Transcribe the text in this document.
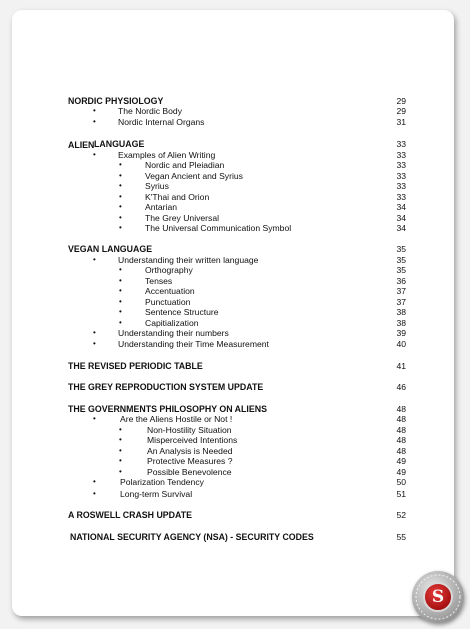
NORDIC PHYSIOLOGY	29
•	The Nordic Body	29
•	Nordic Internal Organs	31
ALIEN LANGUAGE	33
•	Examples of Alien Writing	33
•	Nordic and Pleiadian	33
•	Vegan Ancient and Syrius	33
•	Syrius	33
•	K'Thai and Orion	33
•	Antarian	34
•	The Grey Universal	34
•	The Universal Communication Symbol	34
VEGAN LANGUAGE	35
•	Understanding their written language	35
•	Orthography	35
•	Tenses	36
•	Accentuation	37
•	Punctuation	37
•	Sentence Structure	38
•	Capitialization	38
•	Understanding their numbers	39
•	Understanding their Time Measurement	40
THE REVISED PERIODIC TABLE	41
THE GREY REPRODUCTION SYSTEM UPDATE	46
THE GOVERNMENTS PHILOSOPHY ON ALIENS	48
•	Are the Aliens Hostile or Not !	48
•	Non-Hostility Situation	48
•	Misperceived Intentions	48
•	An Analysis is Needed	48
•	Protective Measures ?	49
•	Possible Benevolence	49
•	Polarization Tendency	50
•	Long-term Survival	51
A ROSWELL CRASH UPDATE	52
NATIONAL SECURITY AGENCY (NSA) - SECURITY CODES	55
S
